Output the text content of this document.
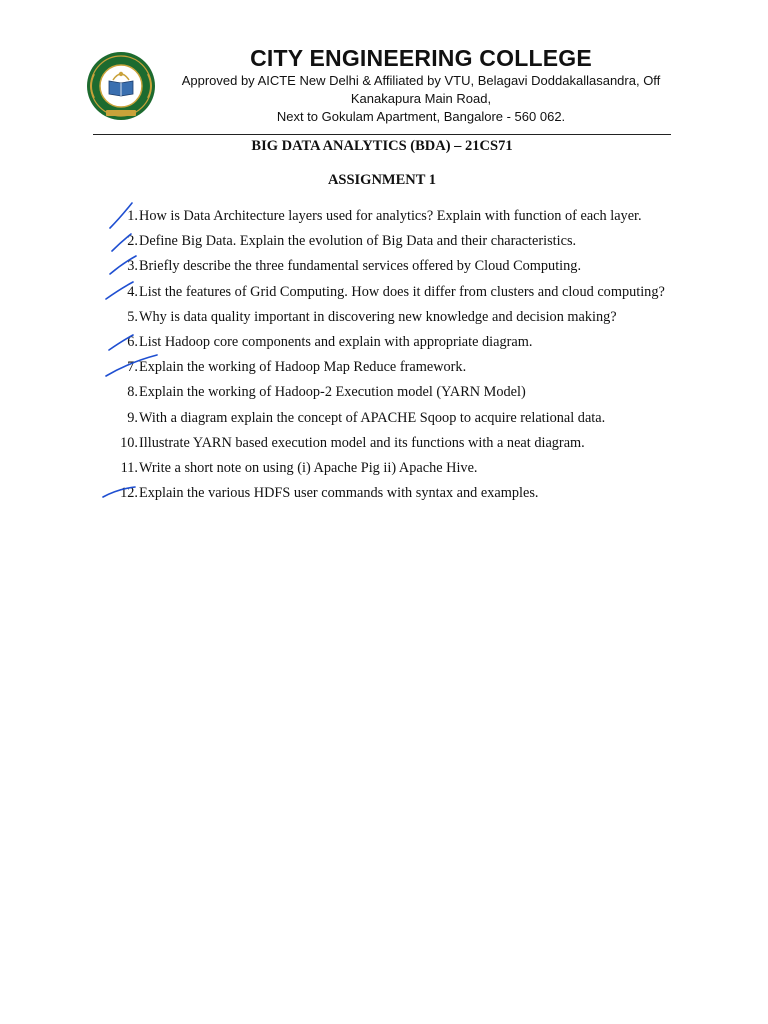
CITY ENGINEERING COLLEGE
Approved by AICTE New Delhi & Affiliated by VTU, Belagavi Doddakallasandra, Off
Kanakapura Main Road,
Next to Gokulam Apartment, Bangalore - 560 062.
BIG DATA ANALYTICS (BDA) – 21CS71
ASSIGNMENT 1
1. How is Data Architecture layers used for analytics? Explain with function of each layer.
2. Define Big Data. Explain the evolution of Big Data and their characteristics.
3. Briefly describe the three fundamental services offered by Cloud Computing.
4. List the features of Grid Computing. How does it differ from clusters and cloud computing?
5. Why is data quality important in discovering new knowledge and decision making?
6. List Hadoop core components and explain with appropriate diagram.
7. Explain the working of Hadoop Map Reduce framework.
8. Explain the working of Hadoop-2 Execution model (YARN Model)
9. With a diagram explain the concept of APACHE Sqoop to acquire relational data.
10. Illustrate YARN based execution model and its functions with a neat diagram.
11. Write a short note on using (i) Apache Pig ii) Apache Hive.
12. Explain the various HDFS user commands with syntax and examples.
